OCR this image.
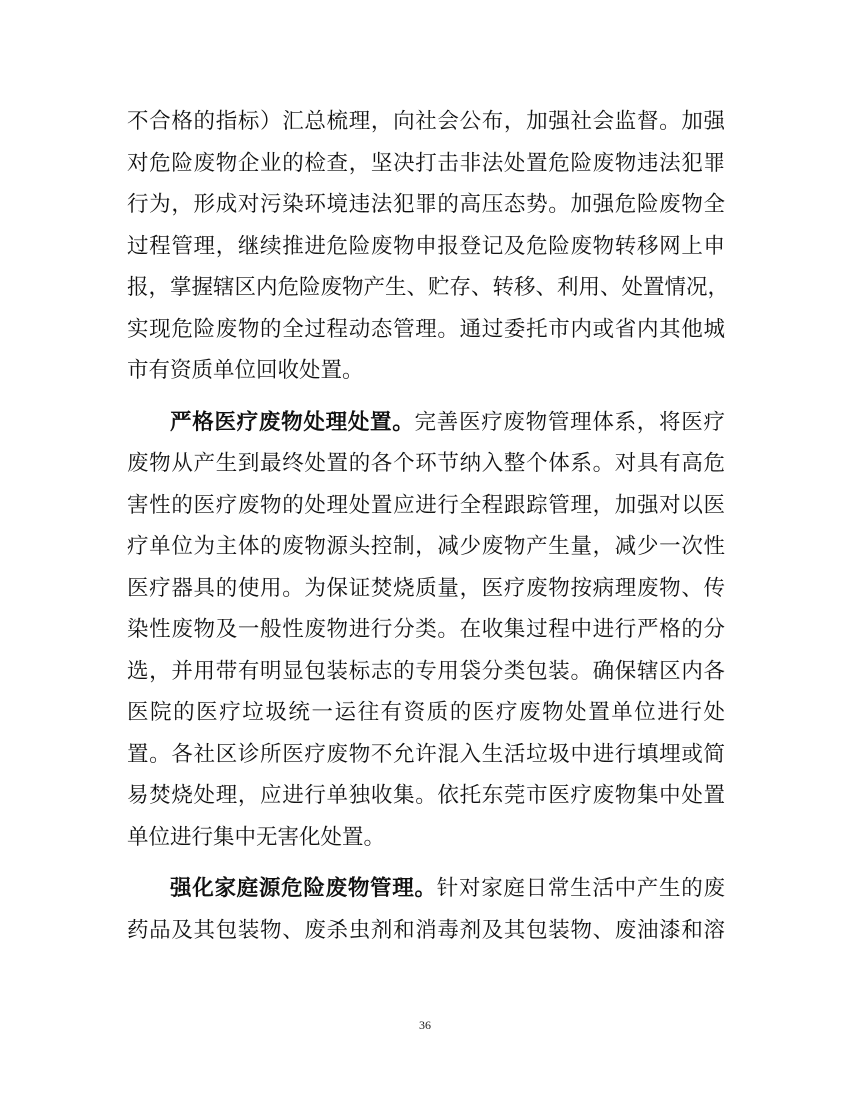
不合格的指标）汇总梳理，向社会公布，加强社会监督。加强
对危险废物企业的检查，坚决打击非法处置危险废物违法犯罪
行为，形成对污染环境违法犯罪的高压态势。加强危险废物全
过程管理，继续推进危险废物申报登记及危险废物转移网上申
报，掌握辖区内危险废物产生、贮存、转移、利用、处置情况，
实现危险废物的全过程动态管理。通过委托市内或省内其他城
市有资质单位回收处置。
严格医疗废物处理处置。完善医疗废物管理体系，将医疗
废物从产生到最终处置的各个环节纳入整个体系。对具有高危
害性的医疗废物的处理处置应进行全程跟踪管理，加强对以医
疗单位为主体的废物源头控制，减少废物产生量，减少一次性
医疗器具的使用。为保证焚烧质量，医疗废物按病理废物、传
染性废物及一般性废物进行分类。在收集过程中进行严格的分
选，并用带有明显包装标志的专用袋分类包装。确保辖区内各
医院的医疗垃圾统一运往有资质的医疗废物处置单位进行处
置。各社区诊所医疗废物不允许混入生活垃圾中进行填埋或简
易焚烧处理，应进行单独收集。依托东莞市医疗废物集中处置
单位进行集中无害化处置。
强化家庭源危险废物管理。针对家庭日常生活中产生的废
药品及其包装物、废杀虫剂和消毒剂及其包装物、废油漆和溶
36
